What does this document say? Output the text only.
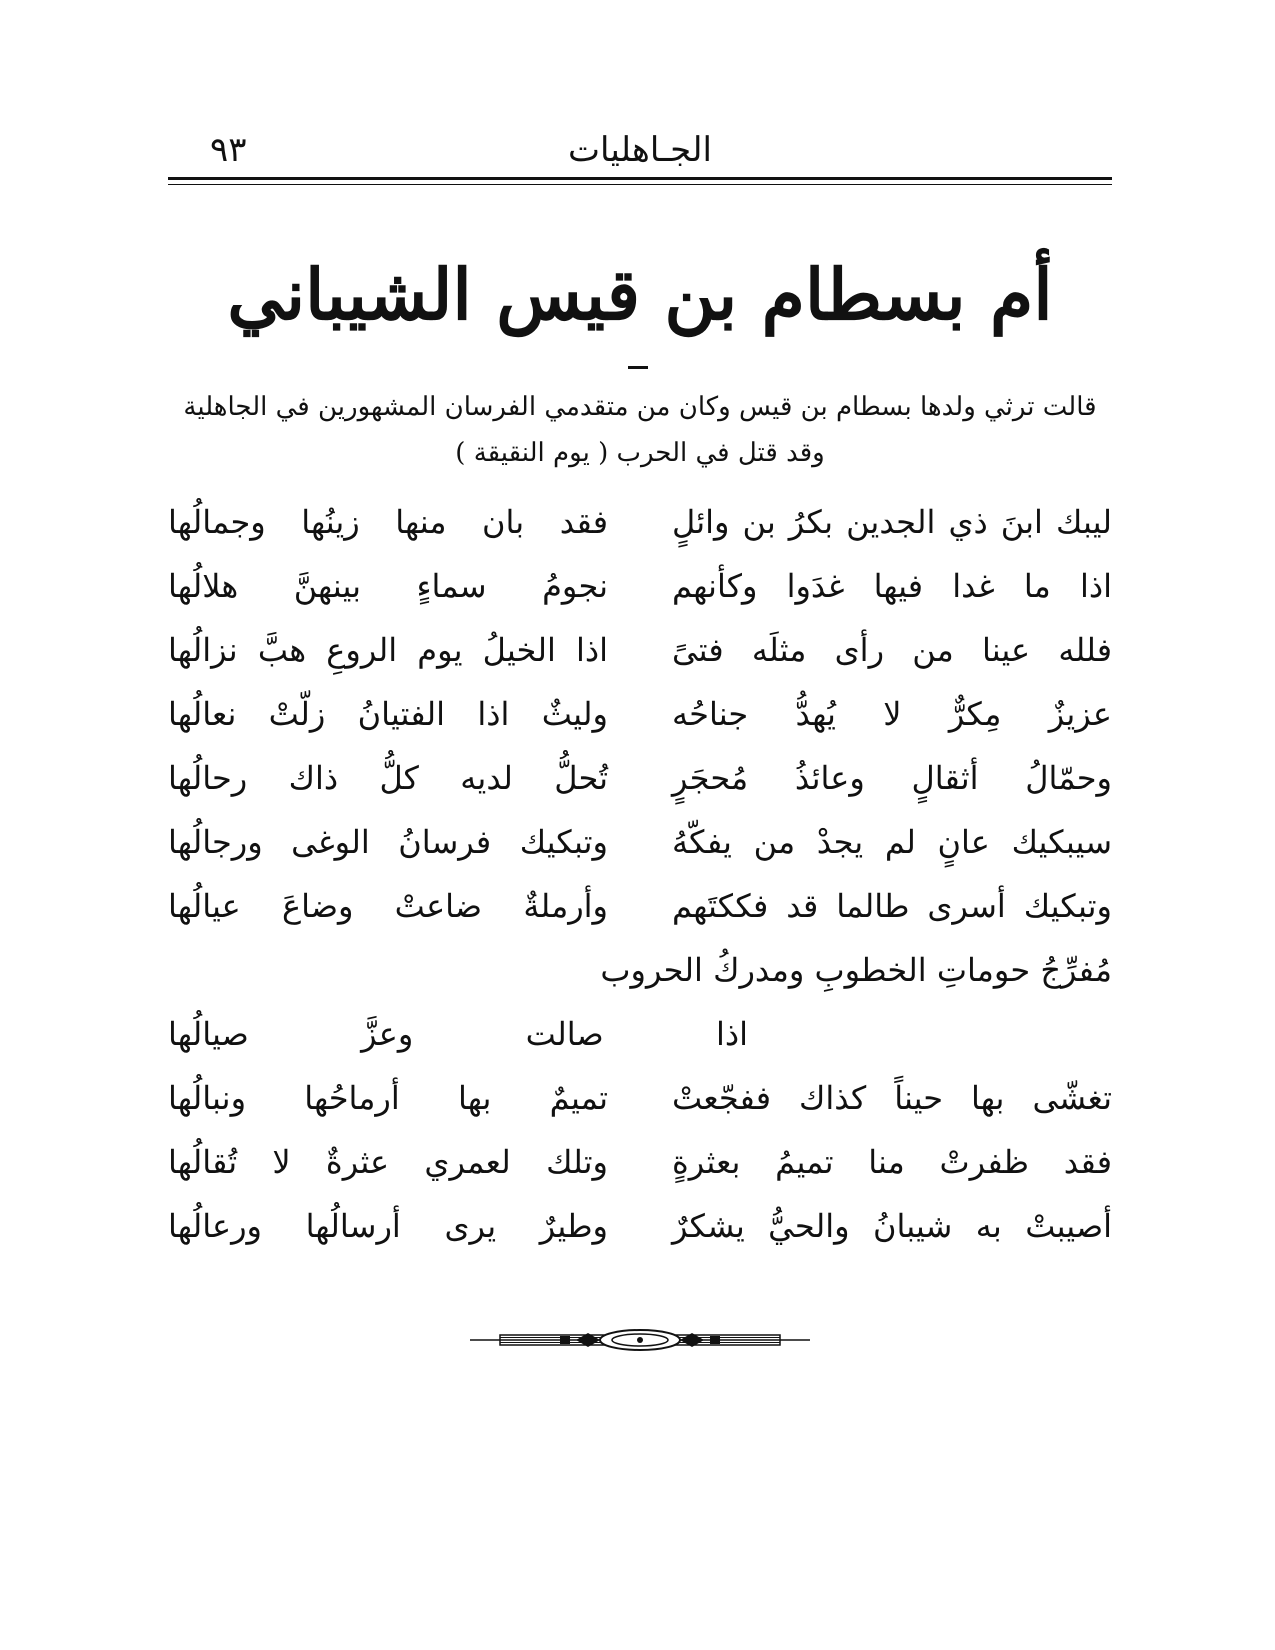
الجـاهليات
٩٣
أم بسطام بن قيس الشيباني
قالت ترثي ولدها بسطام بن قيس وكان من متقدمي الفرسان المشهورين في الجاهلية
وقد قتل في الحرب ( يوم النقيقة )
ليبك ابنَ ذي الجدين بكرُ بن وائلٍ
فقد بان منها زينُها وجمالُها
اذا ما غدا فيها غدَوا وكأنهم
نجومُ سماءٍ بينهنَّ هلالُها
فلله عينا من رأى مثلَه فتىً
اذا الخيلُ يوم الروعِ هبَّ نزالُها
عزيزٌ مِكرٌّ لا يُهدُّ جناحُه
وليثٌ اذا الفتيانُ زلّتْ نعالُها
وحمّالُ أثقالٍ وعائذُ مُحجَرٍ
تُحلُّ لديه كلُّ ذاك رحالُها
سيبكيك عانٍ لم يجدْ من يفكّهُ
وتبكيك فرسانُ الوغى ورجالُها
وتبكيك أسرى طالما قد فككتَهم
وأرملةٌ ضاعتْ وضاعَ عيالُها
مُفرِّجُ حوماتِ الخطوبِ ومدركُ الحروب
اذا صالت وعزَّ صيالُها
تغشّى بها حيناً كذاك ففجّعتْ
تميمٌ بها أرماحُها ونبالُها
فقد ظفرتْ منا تميمُ بعثرةٍ
وتلك لعمري عثرةٌ لا تُقالُها
أصيبتْ به شيبانُ والحيُّ يشكرٌ
وطيرٌ يرى أرسالُها ورعالُها
